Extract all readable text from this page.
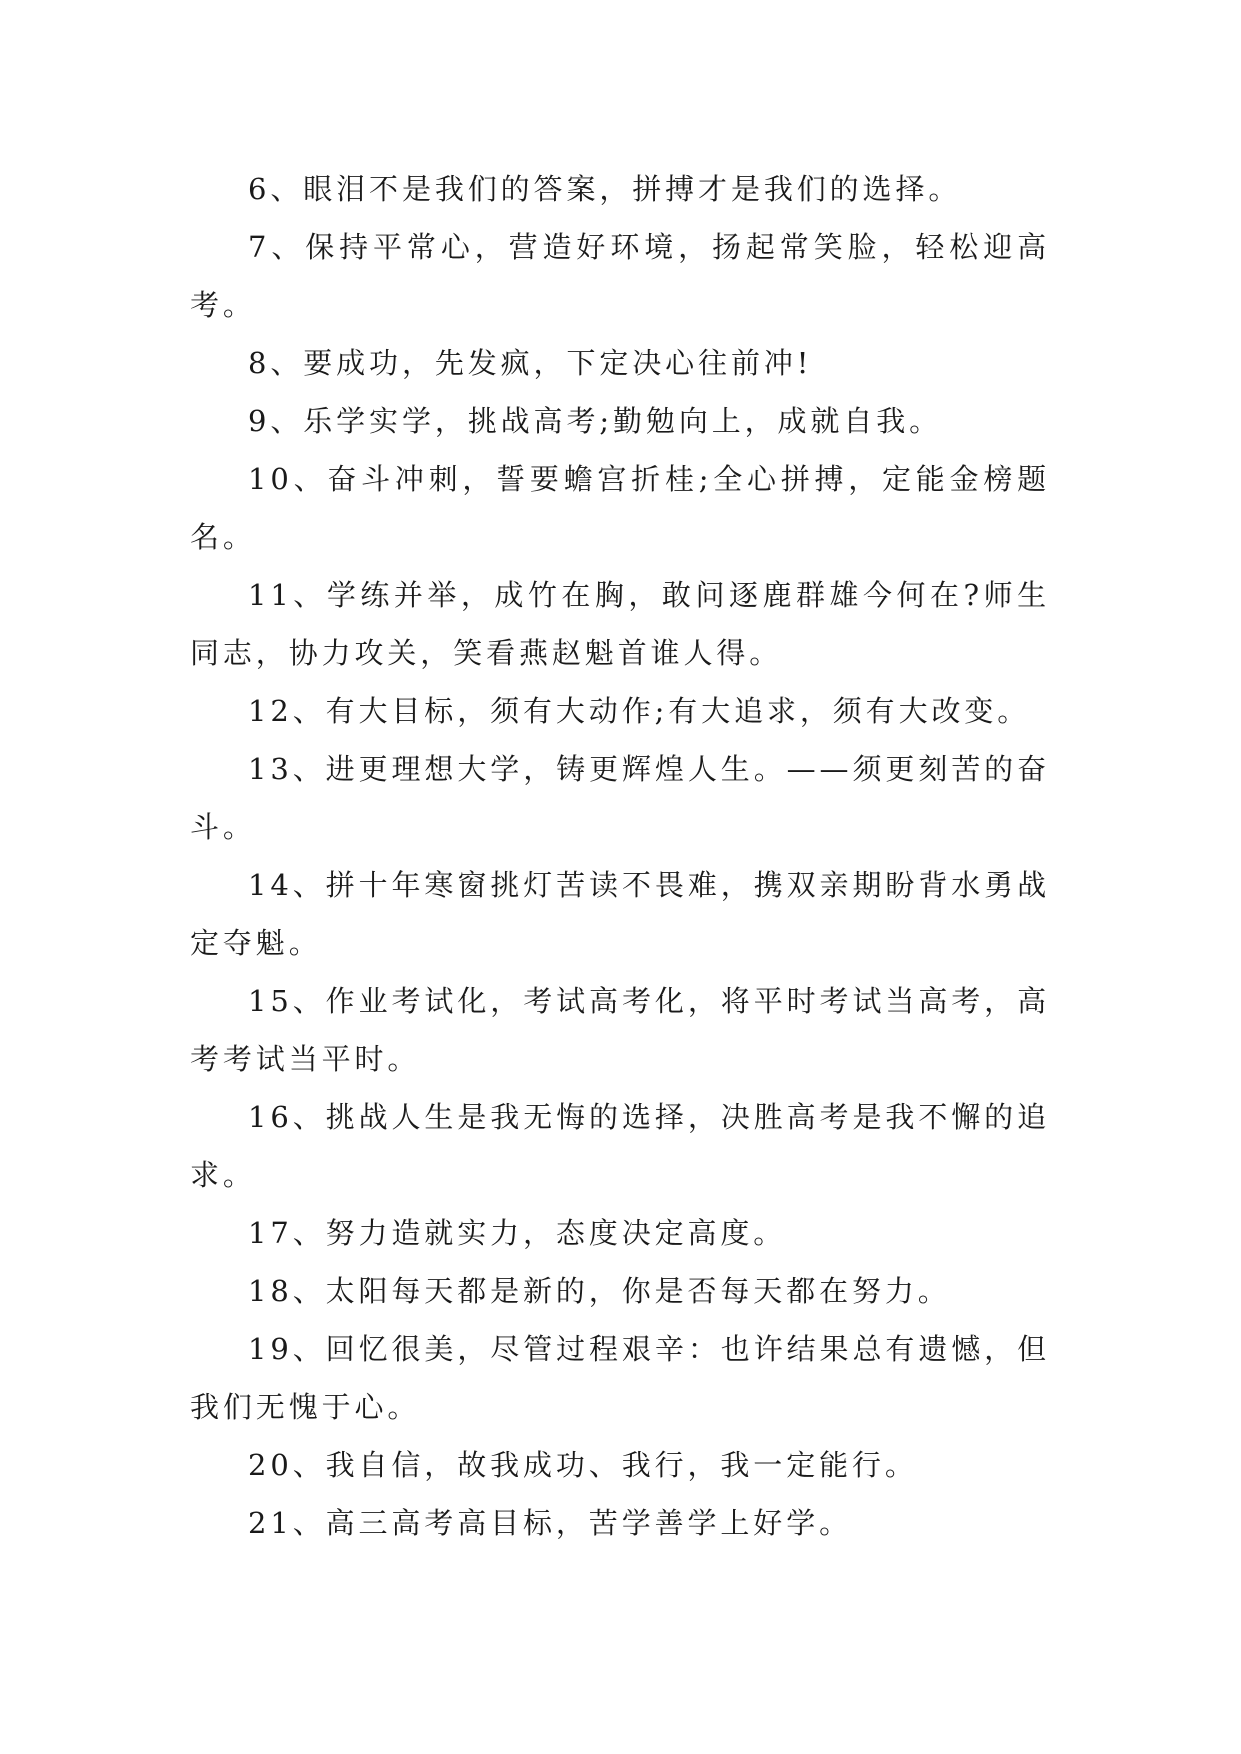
6、眼泪不是我们的答案，拼搏才是我们的选择。

7、保持平常心，营造好环境，扬起常笑脸，轻松迎高考。

8、要成功，先发疯，下定决心往前冲!

9、乐学实学，挑战高考;勤勉向上，成就自我。

10、奋斗冲刺，誓要蟾宫折桂;全心拼搏，定能金榜题名。

11、学练并举，成竹在胸，敢问逐鹿群雄今何在?师生同志，协力攻关，笑看燕赵魁首谁人得。

12、有大目标，须有大动作;有大追求，须有大改变。

13、进更理想大学，铸更辉煌人生。——须更刻苦的奋斗。

14、拼十年寒窗挑灯苦读不畏难，携双亲期盼背水勇战定夺魁。

15、作业考试化，考试高考化，将平时考试当高考，高考考试当平时。

16、挑战人生是我无悔的选择，决胜高考是我不懈的追求。

17、努力造就实力，态度决定高度。

18、太阳每天都是新的，你是否每天都在努力。

19、回忆很美，尽管过程艰辛：也许结果总有遗憾，但我们无愧于心。

20、我自信，故我成功、我行，我一定能行。

21、高三高考高目标，苦学善学上好学。
